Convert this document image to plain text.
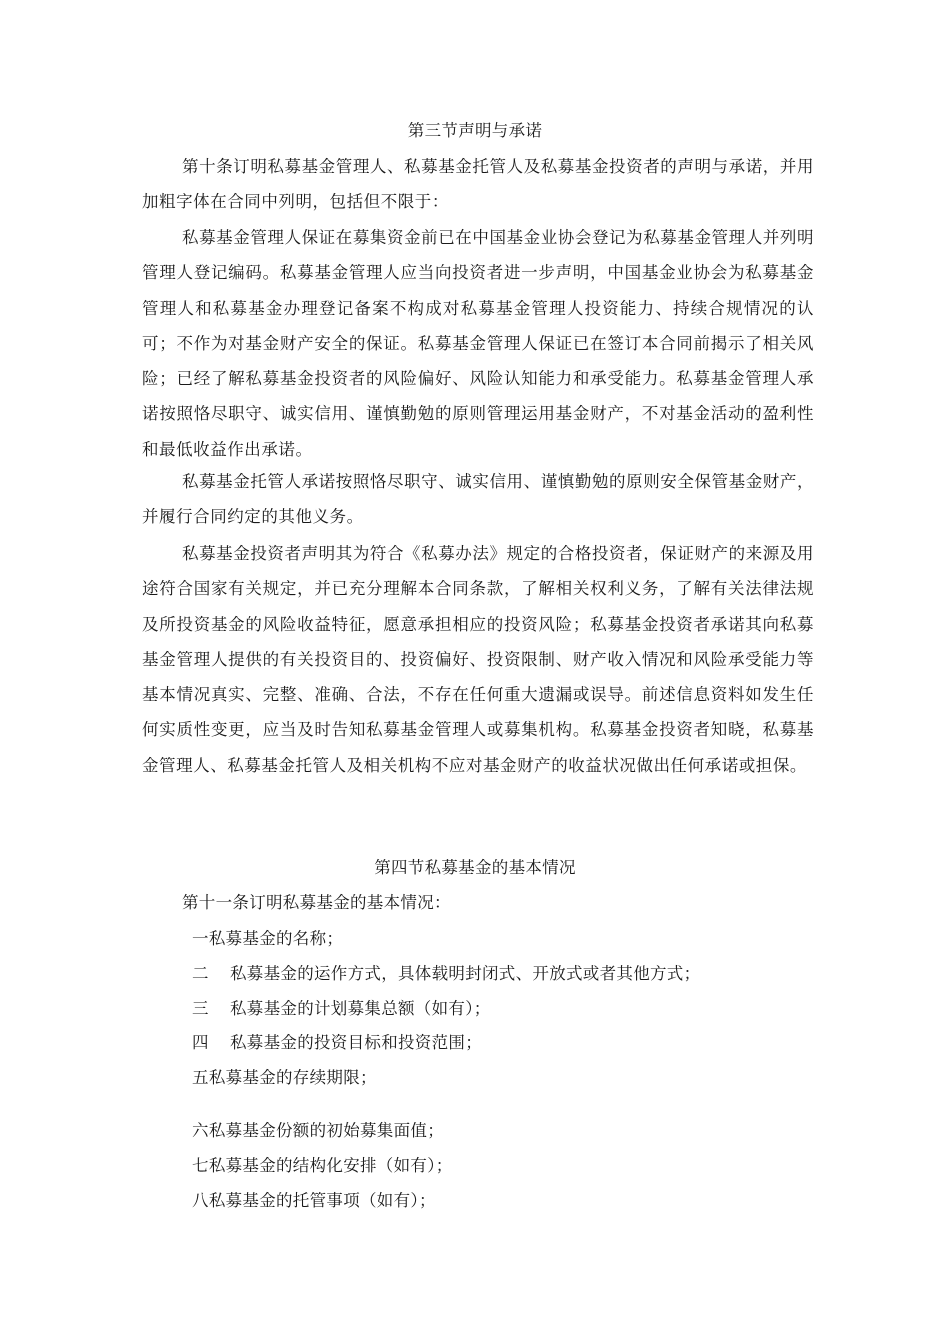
第三节声明与承诺

第十条订明私募基金管理人、私募基金托管人及私募基金投资者的声明与承诺，并用加粗字体在合同中列明，包括但不限于：

私募基金管理人保证在募集资金前已在中国基金业协会登记为私募基金管理人并列明管理人登记编码。私募基金管理人应当向投资者进一步声明，中国基金业协会为私募基金管理人和私募基金办理登记备案不构成对私募基金管理人投资能力、持续合规情况的认可；不作为对基金财产安全的保证。私募基金管理人保证已在签订本合同前揭示了相关风险；已经了解私募基金投资者的风险偏好、风险认知能力和承受能力。私募基金管理人承诺按照恪尽职守、诚实信用、谨慎勤勉的原则管理运用基金财产，不对基金活动的盈利性和最低收益作出承诺。

私募基金托管人承诺按照恪尽职守、诚实信用、谨慎勤勉的原则安全保管基金财产，并履行合同约定的其他义务。

私募基金投资者声明其为符合《私募办法》规定的合格投资者，保证财产的来源及用途符合国家有关规定，并已充分理解本合同条款，了解相关权利义务，了解有关法律法规及所投资基金的风险收益特征，愿意承担相应的投资风险；私募基金投资者承诺其向私募基金管理人提供的有关投资目的、投资偏好、投资限制、财产收入情况和风险承受能力等基本情况真实、完整、准确、合法，不存在任何重大遗漏或误导。前述信息资料如发生任何实质性变更，应当及时告知私募基金管理人或募集机构。私募基金投资者知晓，私募基金管理人、私募基金托管人及相关机构不应对基金财产的收益状况做出任何承诺或担保。

第四节私募基金的基本情况
第十一条订明私募基金的基本情况：
一私募基金的名称；
二 私募基金的运作方式，具体载明封闭式、开放式或者其他方式；
三 私募基金的计划募集总额（如有）；
四 私募基金的投资目标和投资范围；
五私募基金的存续期限；
六私募基金份额的初始募集面值；
七私募基金的结构化安排（如有）；
八私募基金的托管事项（如有）；
